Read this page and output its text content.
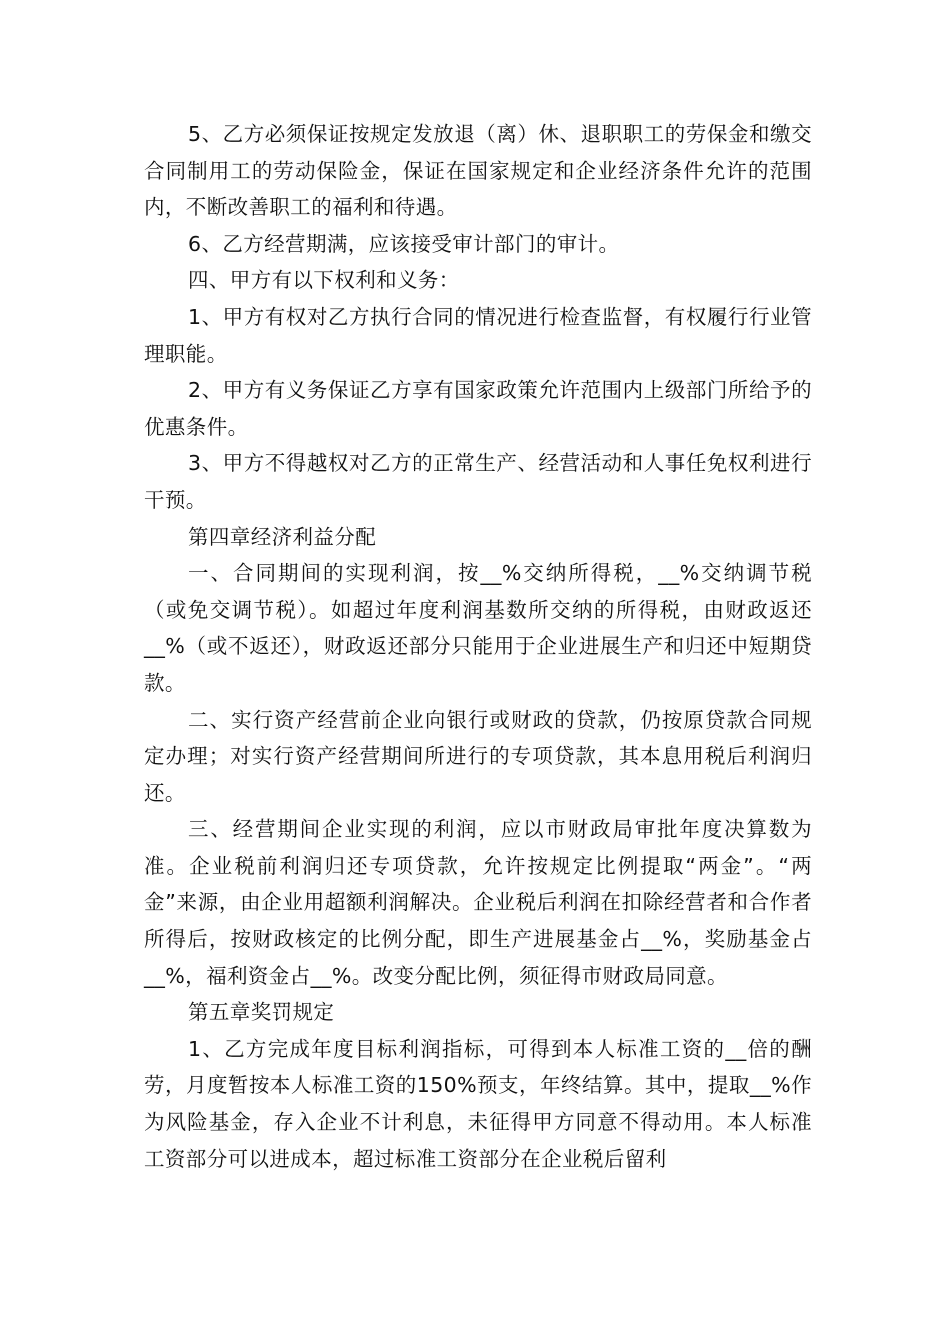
5、乙方必须保证按规定发放退（离）休、退职职工的劳保金和缴交合同制用工的劳动保险金，保证在国家规定和企业经济条件允许的范围内，不断改善职工的福利和待遇。

6、乙方经营期满，应该接受审计部门的审计。

四、甲方有以下权利和义务：

1、甲方有权对乙方执行合同的情况进行检查监督，有权履行行业管理职能。

2、甲方有义务保证乙方享有国家政策允许范围内上级部门所给予的优惠条件。

3、甲方不得越权对乙方的正常生产、经营活动和人事任免权利进行干预。

第四章经济利益分配

一、合同期间的实现利润，按__%交纳所得税，__%交纳调节税（或免交调节税）。如超过年度利润基数所交纳的所得税，由财政返还__%（或不返还），财政返还部分只能用于企业进展生产和归还中短期贷款。

二、实行资产经营前企业向银行或财政的贷款，仍按原贷款合同规定办理；对实行资产经营期间所进行的专项贷款，其本息用税后利润归还。

三、经营期间企业实现的利润，应以市财政局审批年度决算数为准。企业税前利润归还专项贷款，允许按规定比例提取“两金”。“两金”来源，由企业用超额利润解决。企业税后利润在扣除经营者和合作者所得后，按财政核定的比例分配，即生产进展基金占__%，奖励基金占__%，福利资金占__%。改变分配比例，须征得市财政局同意。

第五章奖罚规定

1、乙方完成年度目标利润指标，可得到本人标准工资的__倍的酬劳，月度暂按本人标准工资的150%预支，年终结算。其中，提取__%作为风险基金，存入企业不计利息，未征得甲方同意不得动用。本人标准工资部分可以进成本，超过标准工资部分在企业税后留利
